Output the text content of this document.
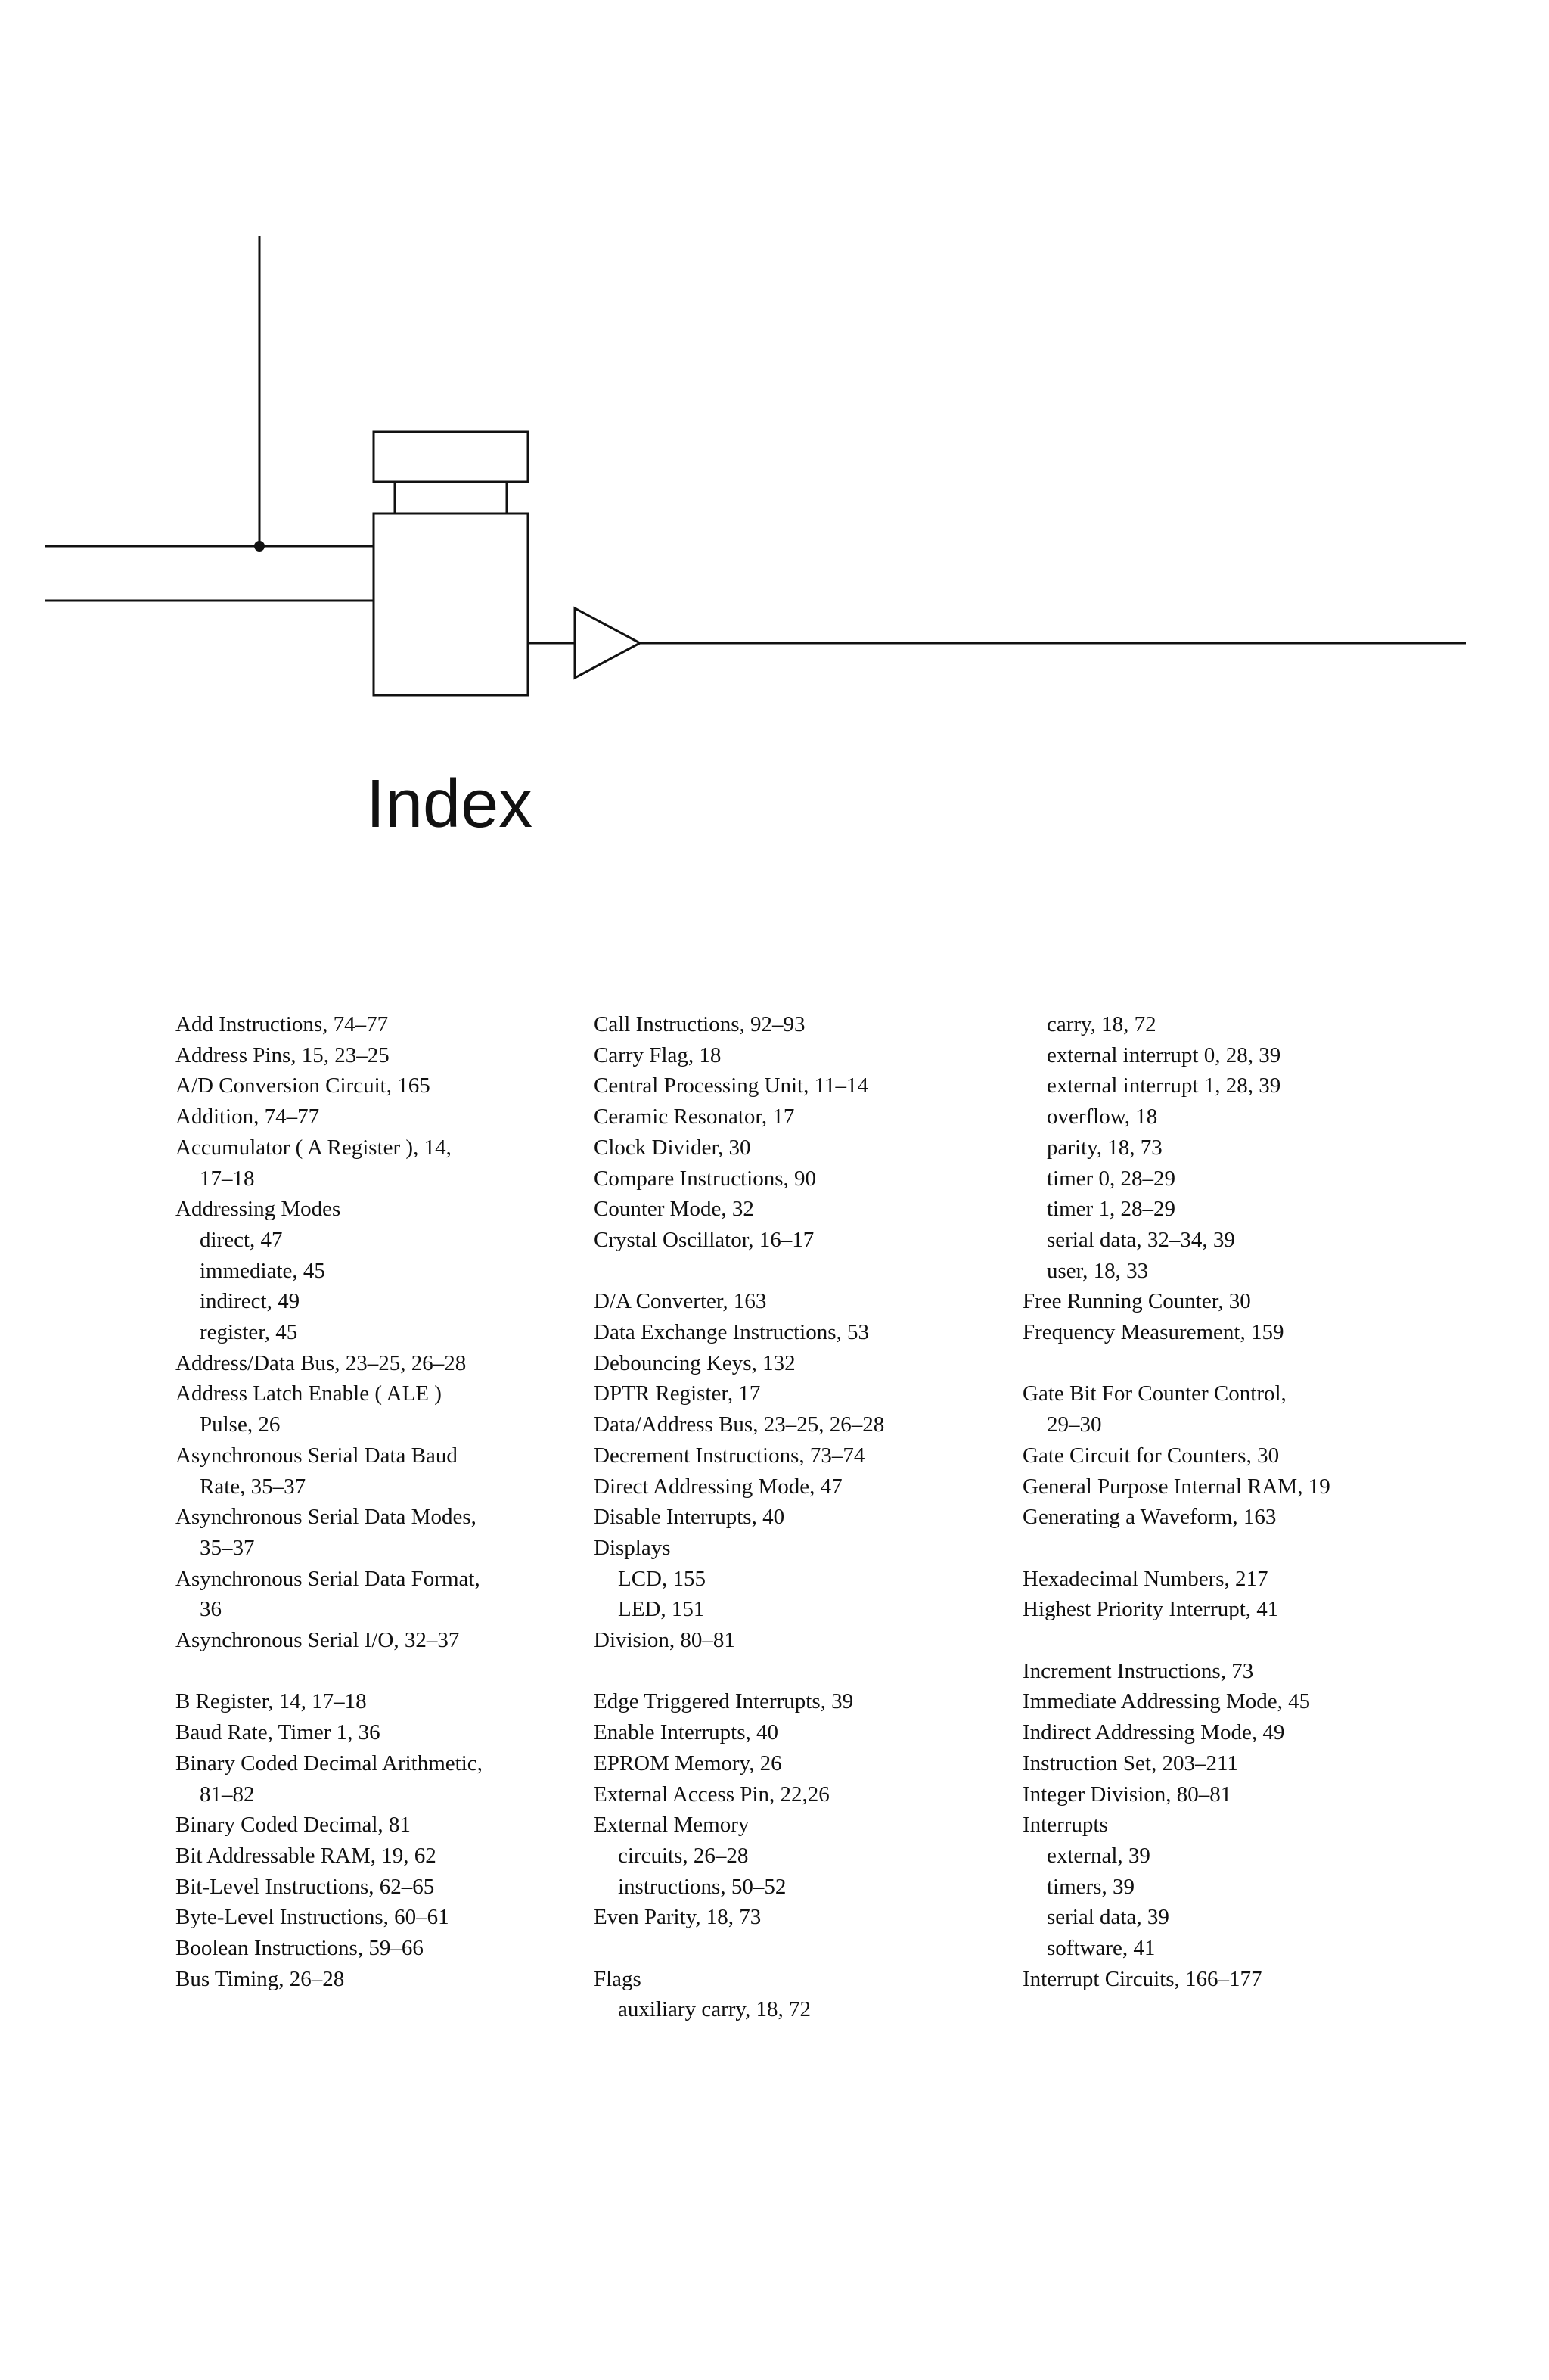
Index
Add Instructions, 74–77
Address Pins, 15, 23–25
A/D Conversion Circuit, 165
Addition, 74–77
Accumulator ( A Register ), 14,
17–18
Addressing Modes
direct, 47
immediate, 45
indirect, 49
register, 45
Address/Data Bus, 23–25, 26–28
Address Latch Enable ( ALE )
Pulse, 26
Asynchronous Serial Data Baud
Rate, 35–37
Asynchronous Serial Data Modes,
35–37
Asynchronous Serial Data Format,
36
Asynchronous Serial I/O, 32–37
B Register, 14, 17–18
Baud Rate, Timer 1, 36
Binary Coded Decimal Arithmetic,
81–82
Binary Coded Decimal, 81
Bit Addressable RAM, 19, 62
Bit-Level Instructions, 62–65
Byte-Level Instructions, 60–61
Boolean Instructions, 59–66
Bus Timing, 26–28
Call Instructions, 92–93
Carry Flag, 18
Central Processing Unit, 11–14
Ceramic Resonator, 17
Clock Divider, 30
Compare Instructions, 90
Counter Mode, 32
Crystal Oscillator, 16–17
D/A Converter, 163
Data Exchange Instructions, 53
Debouncing Keys, 132
DPTR Register, 17
Data/Address Bus, 23–25, 26–28
Decrement Instructions, 73–74
Direct Addressing Mode, 47
Disable Interrupts, 40
Displays
LCD, 155
LED, 151
Division, 80–81
Edge Triggered Interrupts, 39
Enable Interrupts, 40
EPROM Memory, 26
External Access Pin, 22,26
External Memory
circuits, 26–28
instructions, 50–52
Even Parity, 18, 73
Flags
auxiliary carry, 18, 72
carry, 18, 72
external interrupt 0, 28, 39
external interrupt 1, 28, 39
overflow, 18
parity, 18, 73
timer 0, 28–29
timer 1, 28–29
serial data, 32–34, 39
user, 18, 33
Free Running Counter, 30
Frequency Measurement, 159
Gate Bit For Counter Control,
29–30
Gate Circuit for Counters, 30
General Purpose Internal RAM, 19
Generating a Waveform, 163
Hexadecimal Numbers, 217
Highest Priority Interrupt, 41
Increment Instructions, 73
Immediate Addressing Mode, 45
Indirect Addressing Mode, 49
Instruction Set, 203–211
Integer Division, 80–81
Interrupts
external, 39
timers, 39
serial data, 39
software, 41
Interrupt Circuits, 166–177
